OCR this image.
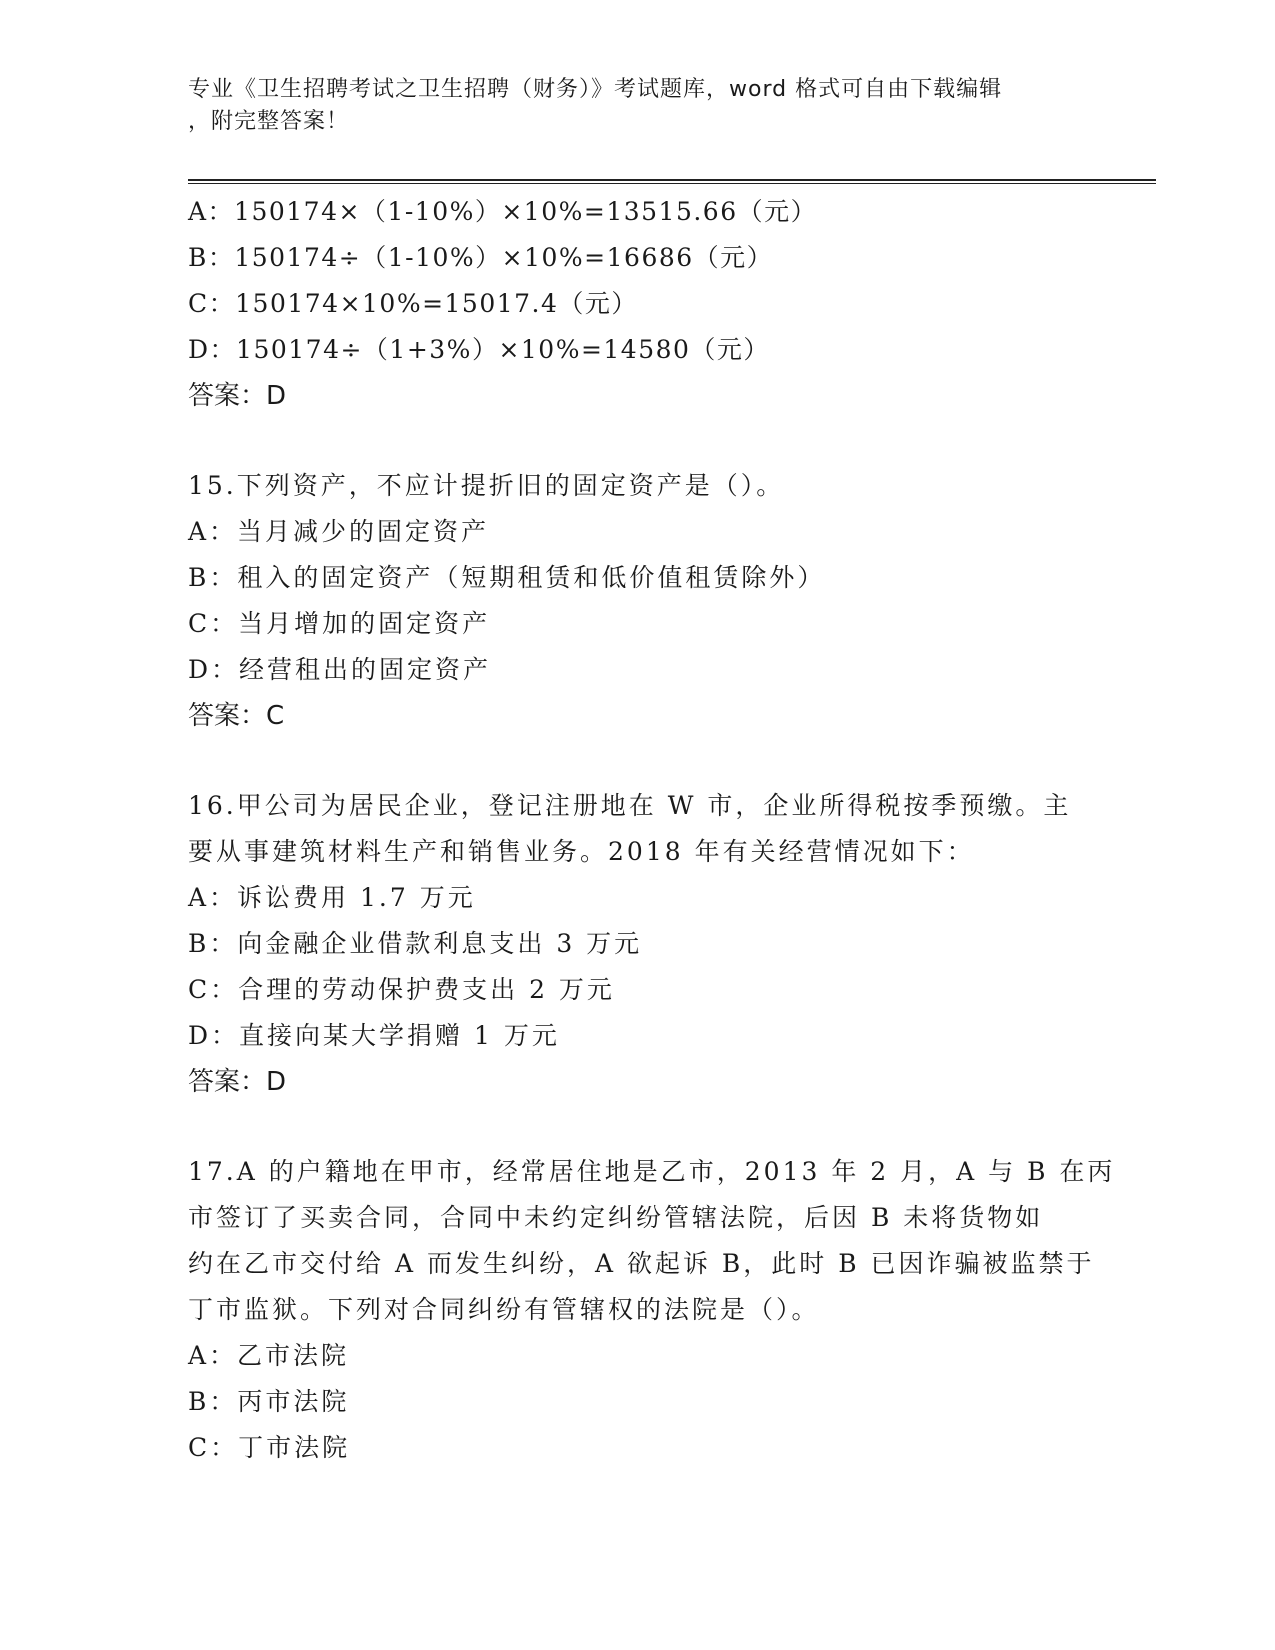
专业《卫生招聘考试之卫生招聘（财务）》考试题库，word 格式可自由下载编辑
，附完整答案！
A：150174×（1-10%）×10%=13515.66（元）
B：150174÷（1-10%）×10%=16686（元）
C：150174×10%=15017.4（元）
D：150174÷（1+3%）×10%=14580（元）
答案：D
15.下列资产，不应计提折旧的固定资产是（）。
A：当月减少的固定资产
B：租入的固定资产（短期租赁和低价值租赁除外）
C：当月增加的固定资产
D：经营租出的固定资产
答案：C
16.甲公司为居民企业，登记注册地在 W 市，企业所得税按季预缴。主
要从事建筑材料生产和销售业务。2018 年有关经营情况如下：
A：诉讼费用 1.7 万元
B：向金融企业借款利息支出 3 万元
C：合理的劳动保护费支出 2 万元
D：直接向某大学捐赠 1 万元
答案：D
17.A 的户籍地在甲市，经常居住地是乙市，2013 年 2 月，A 与 B 在丙
市签订了买卖合同，合同中未约定纠纷管辖法院，后因 B 未将货物如
约在乙市交付给 A 而发生纠纷，A 欲起诉 B，此时 B 已因诈骗被监禁于
丁市监狱。下列对合同纠纷有管辖权的法院是（）。
A：乙市法院
B：丙市法院
C：丁市法院
